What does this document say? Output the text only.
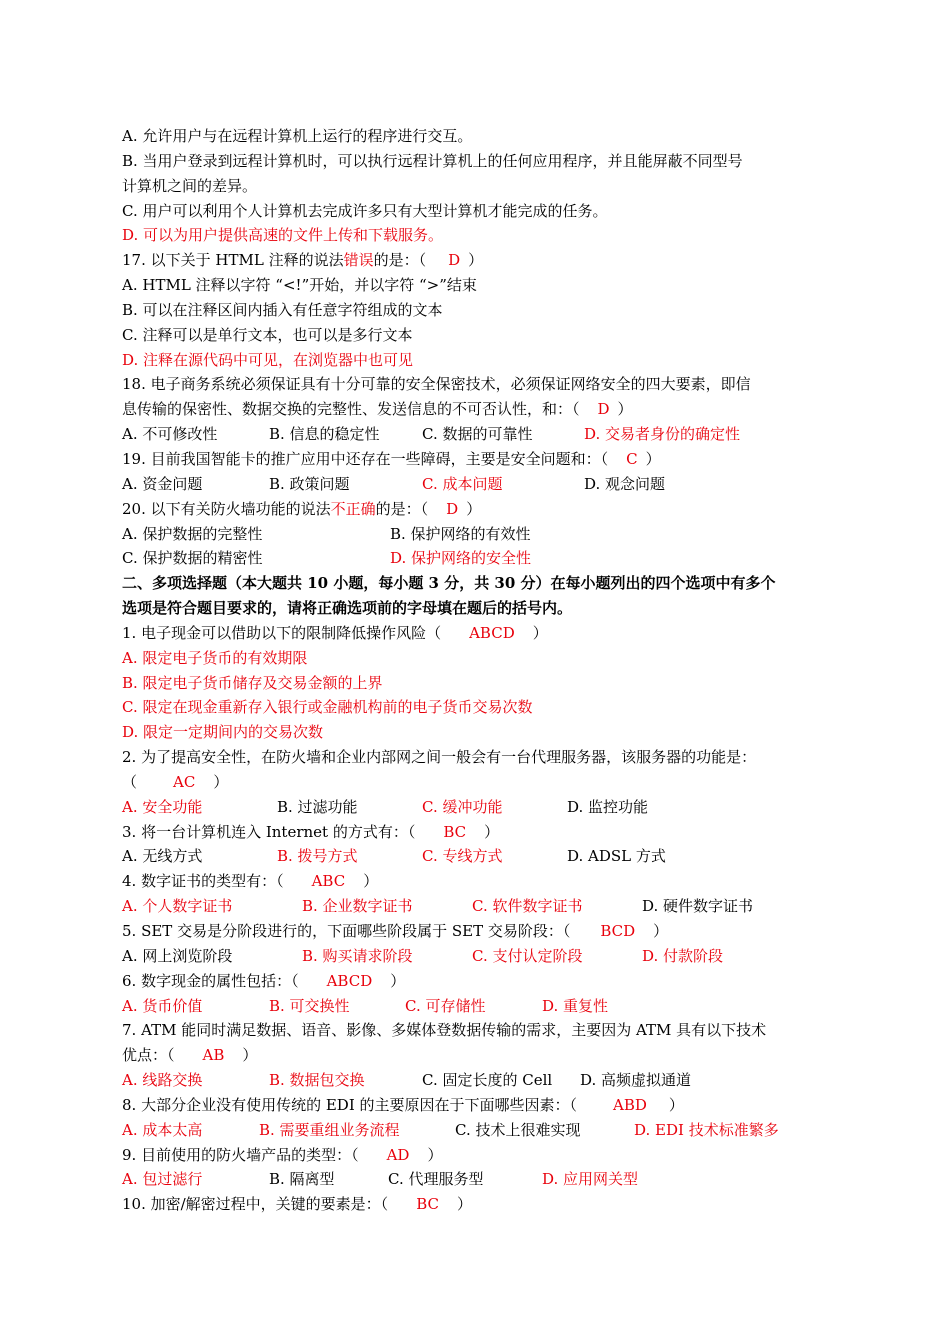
A. 允许用户与在远程计算机上运行的程序进行交互。
B. 当用户登录到远程计算机时，可以执行远程计算机上的任何应用程序，并且能屏蔽不同型号
计算机之间的差异。
C. 用户可以利用个人计算机去完成许多只有大型计算机才能完成的任务。
D. 可以为用户提供高速的文件上传和下载服务。
17. 以下关于 HTML 注释的说法错误的是：（ D ）
A. HTML 注释以字符 “<!”开始，并以字符 “>”结束
B. 可以在注释区间内插入有任意字符组成的文本
C. 注释可以是单行文本，也可以是多行文本
D. 注释在源代码中可见，在浏览器中也可见
18. 电子商务系统必须保证具有十分可靠的安全保密技术，必须保证网络安全的四大要素，即信
息传输的保密性、数据交换的完整性、发送信息的不可否认性，和：（ D ）
A. 不可修改性	B. 信息的稳定性	C. 数据的可靠性	D. 交易者身份的确定性
19. 目前我国智能卡的推广应用中还存在一些障碍，主要是安全问题和：（ C ）
A. 资金问题	B. 政策问题	C. 成本问题	D. 观念问题
20. 以下有关防火墙功能的说法不正确的是：（ D ）
A. 保护数据的完整性	B. 保护网络的有效性
C. 保护数据的精密性	D. 保护网络的安全性
二、多项选择题（本大题共 10 小题，每小题 3 分，共 30 分）在每小题列出的四个选项中有多个
选项是符合题目要求的，请将正确选项前的字母填在题后的括号内。
1. 电子现金可以借助以下的限制降低操作风险（ ABCD ）
A. 限定电子货币的有效期限
B. 限定电子货币储存及交易金额的上界
C. 限定在现金重新存入银行或金融机构前的电子货币交易次数
D. 限定一定期间内的交易次数
2. 为了提高安全性，在防火墙和企业内部网之间一般会有一台代理服务器，该服务器的功能是：
（ AC ）
A. 安全功能	B. 过滤功能	C. 缓冲功能	D. 监控功能
3. 将一台计算机连入 Internet 的方式有：（ BC ）
A. 无线方式	B. 拨号方式	C. 专线方式	D. ADSL 方式
4. 数字证书的类型有：（ ABC ）
A. 个人数字证书	B. 企业数字证书	C. 软件数字证书	D. 硬件数字证书
5. SET 交易是分阶段进行的，下面哪些阶段属于 SET 交易阶段：（ BCD ）
A. 网上浏览阶段	B. 购买请求阶段	C. 支付认定阶段	D. 付款阶段
6. 数字现金的属性包括：（ ABCD ）
A. 货币价值	B. 可交换性	C. 可存储性	D. 重复性
7. ATM 能同时满足数据、语音、影像、多媒体登数据传输的需求，主要因为 ATM 具有以下技术
优点：（ AB ）
A. 线路交换	B. 数据包交换	C. 固定长度的 Cell D. 高频虚拟通道
8. 大部分企业没有使用传统的 EDI 的主要原因在于下面哪些因素：（ ABD ）
A. 成本太高	B. 需要重组业务流程	C. 技术上很难实现	D. EDI 技术标准繁多
9. 目前使用的防火墙产品的类型：（ AD ）
A. 包过滤行	B. 隔离型	C. 代理服务型	D. 应用网关型
10. 加密/解密过程中，关键的要素是：（ BC ）
